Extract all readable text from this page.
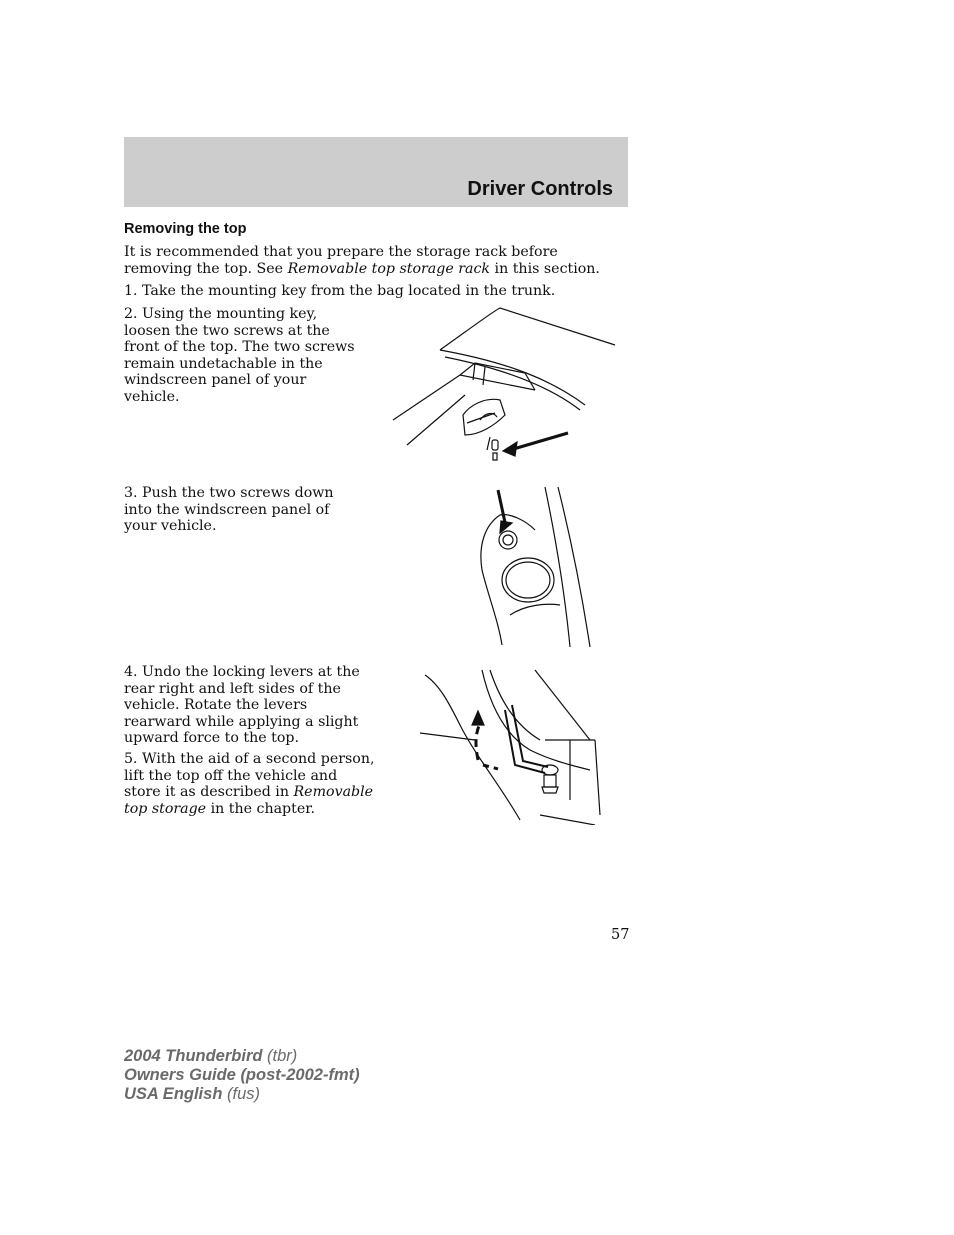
Driver Controls
Removing the top

It is recommended that you prepare the storage rack before removing the top. See Removable top storage rack in this section.

1. Take the mounting key from the bag located in the trunk.

2. Using the mounting key, loosen the two screws at the front of the top. The two screws remain undetachable in the windscreen panel of your vehicle.

3. Push the two screws down into the windscreen panel of your vehicle.

4. Undo the locking levers at the rear right and left sides of the vehicle. Rotate the levers rearward while applying a slight upward force to the top.

5. With the aid of a second person, lift the top off the vehicle and store it as described in Removable top storage in the chapter.

57
2004 Thunderbird (tbr)
Owners Guide (post-2002-fmt)
USA English (fus)
